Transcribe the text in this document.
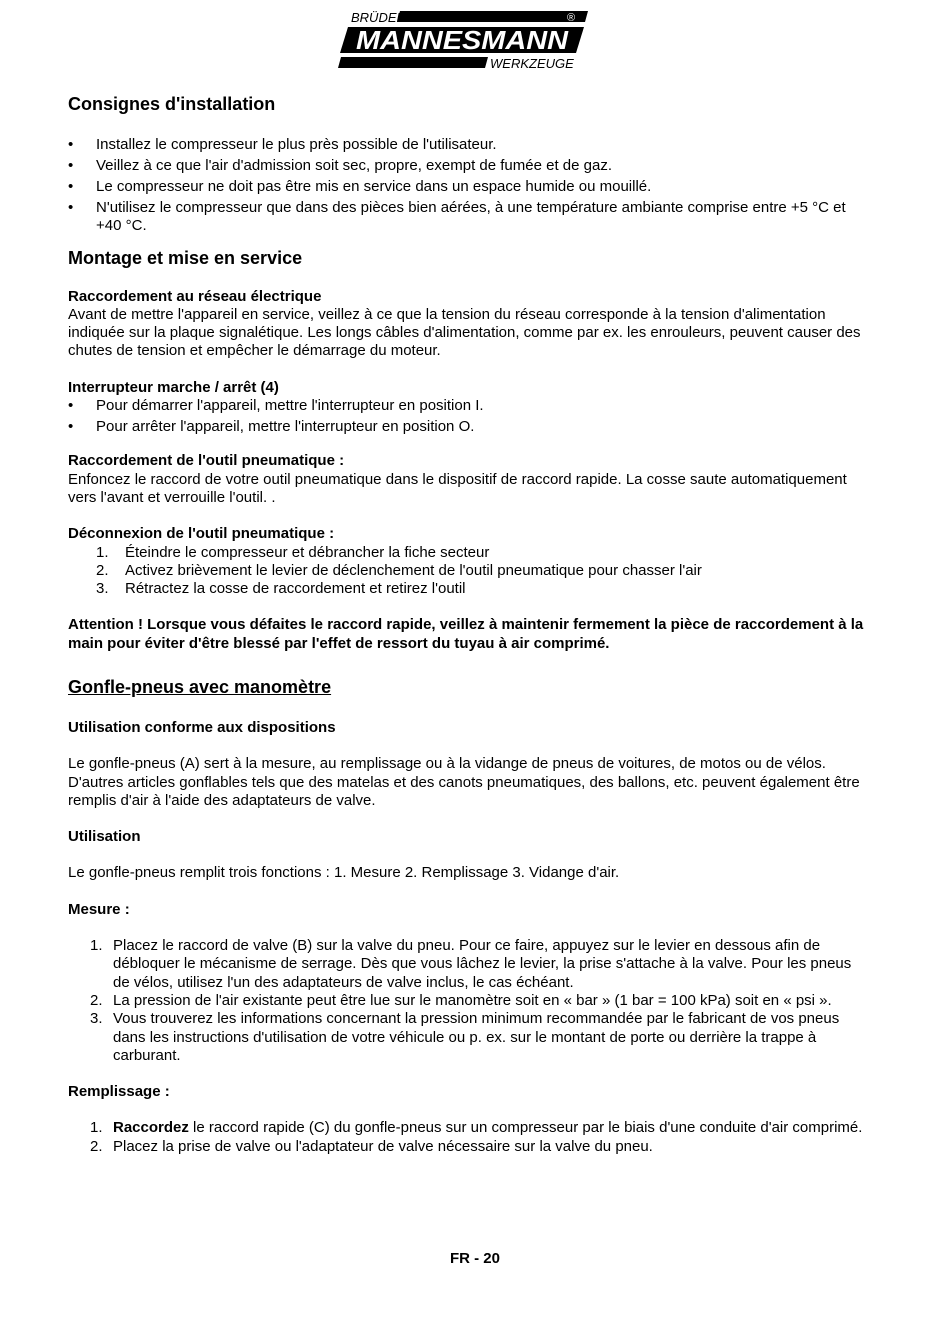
BRÜDER	®
MANNESMANN
WERKZEUGE
Consignes d'installation
• Installez le compresseur le plus près possible de l'utilisateur.
• Veillez à ce que l'air d'admission soit sec, propre, exempt de fumée et de gaz.
• Le compresseur ne doit pas être mis en service dans un espace humide ou mouillé.
• N'utilisez le compresseur que dans des pièces bien aérées, à une température ambiante comprise entre +5 °C et +40 °C.
Montage et mise en service
Raccordement au réseau électrique

Avant de mettre l'appareil en service, veillez à ce que la tension du réseau corresponde à la tension d'alimentation indiquée sur la plaque signalétique. Les longs câbles d'alimentation, comme par ex. les enrouleurs, peuvent causer des chutes de tension et empêcher le démarrage du moteur.

Interrupteur marche / arrêt (4)
• Pour démarrer l'appareil, mettre l'interrupteur en position I.
• Pour arrêter l'appareil, mettre l'interrupteur en position O.
Raccordement de l'outil pneumatique :

Enfoncez le raccord de votre outil pneumatique dans le dispositif de raccord rapide. La cosse saute automatiquement vers l'avant et verrouille l'outil. .

Déconnexion de l'outil pneumatique :
1. Éteindre le compresseur et débrancher la fiche secteur
2. Activez brièvement le levier de déclenchement de l'outil pneumatique pour chasser l'air
3. Rétractez la cosse de raccordement et retirez l'outil

Attention ! Lorsque vous défaites le raccord rapide, veillez à maintenir fermement la pièce de raccordement à la main pour éviter d'être blessé par l'effet de ressort du tuyau à air comprimé.

Gonfle-pneus avec manomètre
Utilisation conforme aux dispositions

Le gonfle-pneus (A) sert à la mesure, au remplissage ou à la vidange de pneus de voitures, de motos ou de vélos. D'autres articles gonflables tels que des matelas et des canots pneumatiques, des ballons, etc. peuvent également être remplis d'air à l'aide des adaptateurs de valve.

Utilisation

Le gonfle-pneus remplit trois fonctions : 1. Mesure 2. Remplissage 3. Vidange d'air.

Mesure :
1. Placez le raccord de valve (B) sur la valve du pneu. Pour ce faire, appuyez sur le levier en dessous afin de débloquer le mécanisme de serrage. Dès que vous lâchez le levier, la prise s'attache à la valve. Pour les pneus de vélos, utilisez l'un des adaptateurs de valve inclus, le cas échéant.
2. La pression de l'air existante peut être lue sur le manomètre soit en « bar » (1 bar = 100 kPa) soit en « psi ».
3. Vous trouverez les informations concernant la pression minimum recommandée par le fabricant de vos pneus dans les instructions d'utilisation de votre véhicule ou p. ex. sur le montant de porte ou derrière la trappe à carburant.
Remplissage :
1. Raccordez le raccord rapide (C) du gonfle-pneus sur un compresseur par le biais d'une conduite d'air comprimé.
2. Placez la prise de valve ou l'adaptateur de valve nécessaire sur la valve du pneu.
FR - 20
